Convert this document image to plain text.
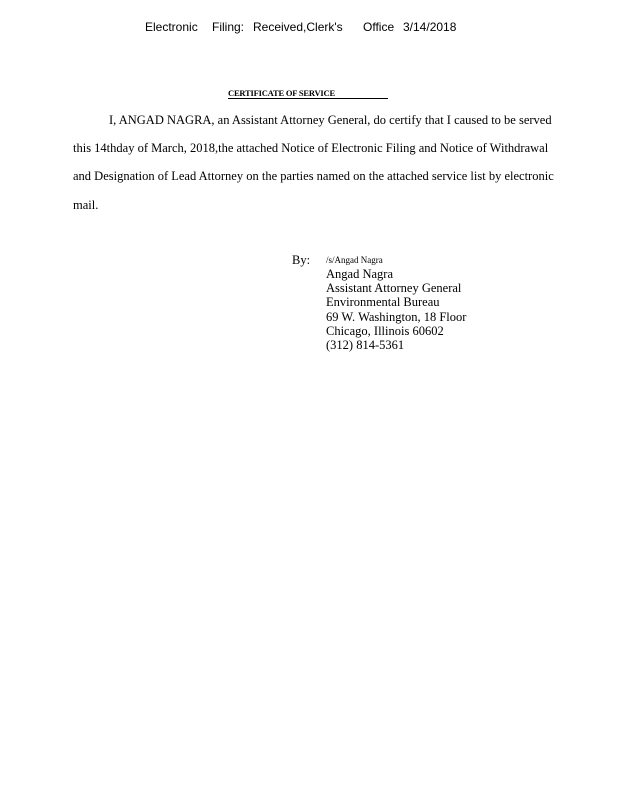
Electronic Filing: Received,Clerk's Office 3/14/2018
CERTIFICATE OF SERVICE
I, ANGAD NAGRA, an Assistant Attorney General, do certify that I caused to be served
this 14thday of March, 2018,the attached Notice of Electronic Filing and Notice of Withdrawal
and Designation of Lead Attorney on the parties named on the attached service list by electronic
mail.
By: /s/Angad Nagra
Angad Nagra
Assistant Attorney General
Environmental Bureau
69 W. Washington, 18 Floor
Chicago, Illinois 60602
(312) 814-5361
